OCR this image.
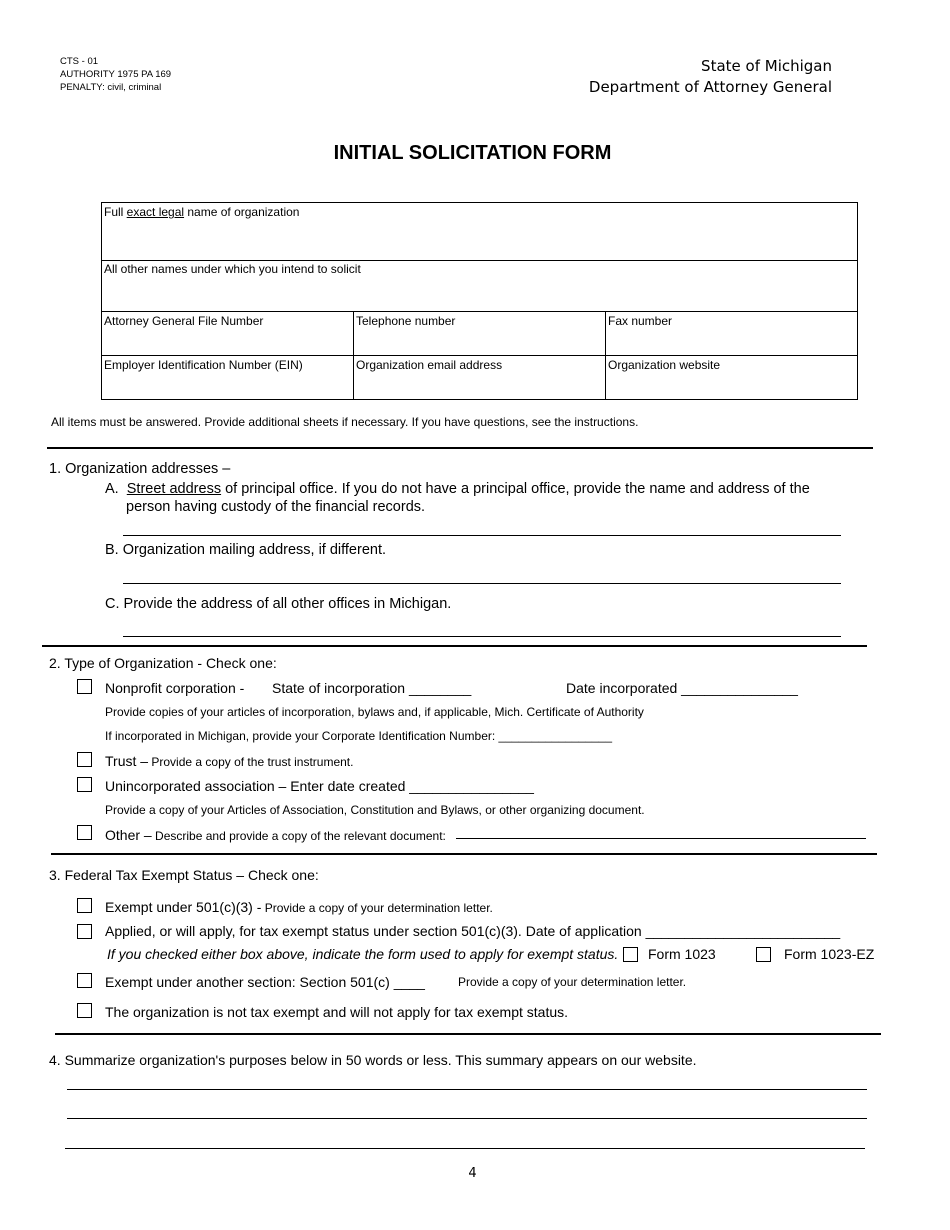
CTS - 01
AUTHORITY 1975 PA 169
PENALTY: civil, criminal
State of Michigan
Department of Attorney General
INITIAL SOLICITATION FORM
Full exact legal name of organization
All other names under which you intend to solicit
Attorney General File Number	Telephone number	Fax number
Employer Identification Number (EIN)	Organization email address	Organization website
All items must be answered. Provide additional sheets if necessary. If you have questions, see the instructions.
1. Organization addresses –
A. Street address of principal office. If you do not have a principal office, provide the name and address of the
person having custody of the financial records.
B. Organization mailing address, if different.
C. Provide the address of all other offices in Michigan.
2. Type of Organization - Check one:
Nonprofit corporation - State of incorporation ________	Date incorporated _______________
Provide copies of your articles of incorporation, bylaws and, if applicable, Mich. Certificate of Authority
If incorporated in Michigan, provide your Corporate Identification Number: _________________
Trust – Provide a copy of the trust instrument.
Unincorporated association – Enter date created ________________
Provide a copy of your Articles of Association, Constitution and Bylaws, or other organizing document.
Other – Describe and provide a copy of the relevant document:
3. Federal Tax Exempt Status – Check one:
Exempt under 501(c)(3) - Provide a copy of your determination letter.
Applied, or will apply, for tax exempt status under section 501(c)(3). Date of application _________________________
If you checked either box above, indicate the form used to apply for exempt status. Form 1023	Form 1023-EZ
Exempt under another section: Section 501(c) ____	Provide a copy of your determination letter.
The organization is not tax exempt and will not apply for tax exempt status.
4. Summarize organization's purposes below in 50 words or less. This summary appears on our website.
4
